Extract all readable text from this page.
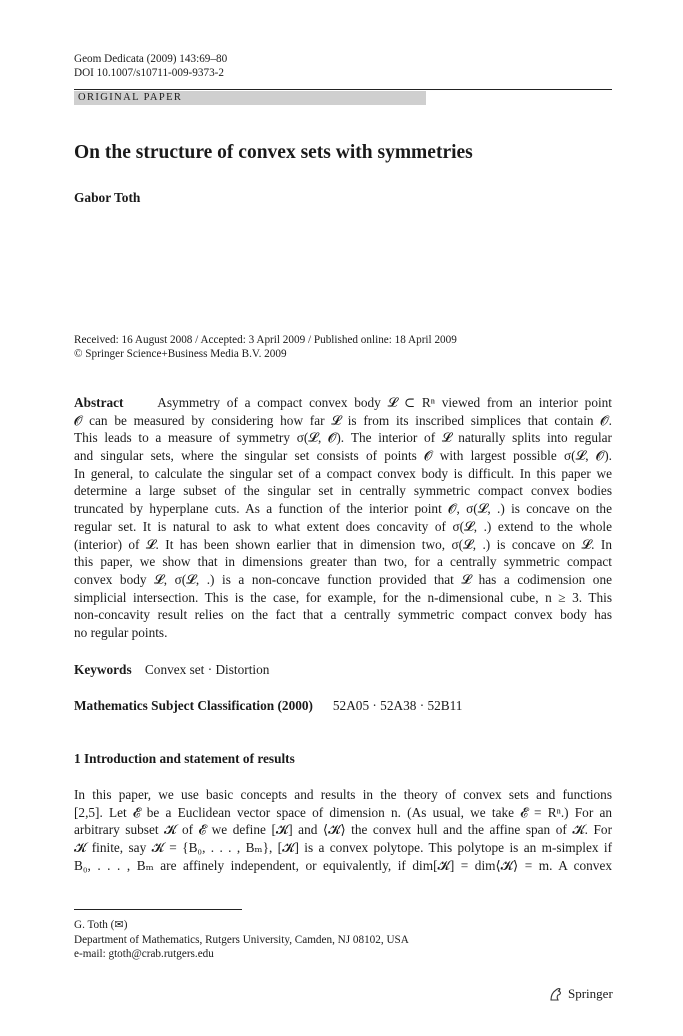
Geom Dedicata (2009) 143:69–80
DOI 10.1007/s10711-009-9373-2
ORIGINAL PAPER
On the structure of convex sets with symmetries
Gabor Toth
Received: 16 August 2008 / Accepted: 3 April 2009 / Published online: 18 April 2009
© Springer Science+Business Media B.V. 2009
Abstract	Asymmetry of a compact convex body 𝓛 ⊂ Rⁿ viewed from an interior point
𝓞 can be measured by considering how far 𝓛 is from its inscribed simplices that contain 𝓞.
This leads to a measure of symmetry σ(𝓛, 𝓞). The interior of 𝓛 naturally splits into regular
and singular sets, where the singular set consists of points 𝓞 with largest possible σ(𝓛, 𝓞).
In general, to calculate the singular set of a compact convex body is difficult. In this paper we
determine a large subset of the singular set in centrally symmetric compact convex bodies
truncated by hyperplane cuts. As a function of the interior point 𝓞, σ(𝓛, .) is concave on the
regular set. It is natural to ask to what extent does concavity of σ(𝓛, .) extend to the whole
(interior) of 𝓛. It has been shown earlier that in dimension two, σ(𝓛, .) is concave on 𝓛. In
this paper, we show that in dimensions greater than two, for a centrally symmetric compact
convex body 𝓛, σ(𝓛, .) is a non-concave function provided that 𝓛 has a codimension one
simplicial intersection. This is the case, for example, for the n-dimensional cube, n ≥ 3. This
non-concavity result relies on the fact that a centrally symmetric compact convex body has
no regular points.
Keywords Convex set · Distortion
Mathematics Subject Classification (2000) 52A05 · 52A38 · 52B11
1 Introduction and statement of results
In this paper, we use basic concepts and results in the theory of convex sets and functions
[2,5]. Let 𝓔 be a Euclidean vector space of dimension n. (As usual, we take 𝓔 = Rⁿ.) For an
arbitrary subset 𝓚 of 𝓔 we define [𝓚] and ⟨𝓚⟩ the convex hull and the affine span of 𝓚. For
𝓚 finite, say 𝓚 = {B₀, . . . , Bₘ}, [𝓚] is a convex polytope. This polytope is an m-simplex if
B₀, . . . , Bₘ are affinely independent, or equivalently, if dim[𝓚] = dim⟨𝓚⟩ = m. A convex
G. Toth (✉)
Department of Mathematics, Rutgers University, Camden, NJ 08102, USA
e-mail: gtoth@crab.rutgers.edu
Springer
